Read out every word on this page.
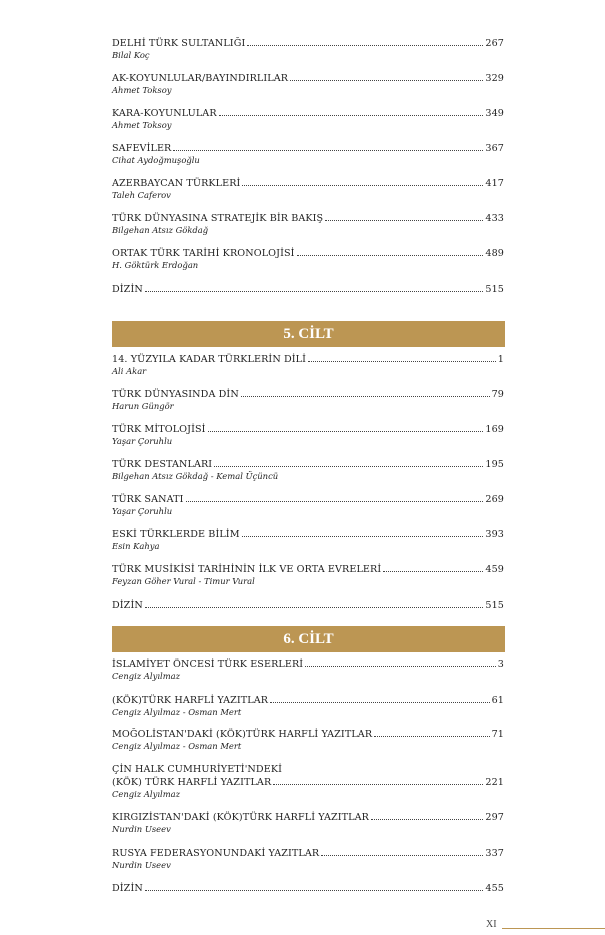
DELHİ TÜRK SULTANLIĞI	267
Bilal Koç
AK-KOYUNLULAR/BAYINDIRLILAR	329
Ahmet Toksoy
KARA-KOYUNLULAR	349
Ahmet Toksoy
SAFEVİLER	367
Cihat Aydoğmuşoğlu
AZERBAYCAN TÜRKLERİ	417
Taleh Caferov
TÜRK DÜNYASINA STRATEJİK BİR BAKIŞ	433
Bilgehan Atsız Gökdağ
ORTAK TÜRK TARİHİ KRONOLOJİSİ	489
H. Göktürk Erdoğan
DİZİN	515
5. CİLT
14. YÜZYILA KADAR TÜRKLERİN DİLİ	1
Ali Akar
TÜRK DÜNYASINDA DİN	79
Harun Güngör
TÜRK MİTOLOJİSİ	169
Yaşar Çoruhlu
TÜRK DESTANLARI	195
Bilgehan Atsız Gökdağ - Kemal Üçüncü
TÜRK SANATI	269
Yaşar Çoruhlu
ESKİ TÜRKLERDE BİLİM	393
Esin Kahya
TÜRK MUSİKİSİ TARİHİNİN İLK VE ORTA EVRELERİ	459
Feyzan Göher Vural - Timur Vural
DİZİN	515
6. CİLT
İSLAMİYET ÖNCESİ TÜRK ESERLERİ	3
Cengiz Alyılmaz
(KÖK)TÜRK HARFLİ YAZITLAR	61
Cengiz Alyılmaz - Osman Mert
MOĞOLİSTAN'DAKİ (KÖK)TÜRK HARFLİ YAZITLAR	71
Cengiz Alyılmaz - Osman Mert
ÇİN HALK CUMHURİYETİ'NDEKİ
(KÖK) TÜRK HARFLİ YAZITLAR	221
Cengiz Alyılmaz
KIRGIZİSTAN'DAKİ (KÖK)TÜRK HARFLİ YAZITLAR	297
Nurdin Useev
RUSYA FEDERASYONUNDAKİ YAZITLAR	337
Nurdin Useev
DİZİN	455
XI
